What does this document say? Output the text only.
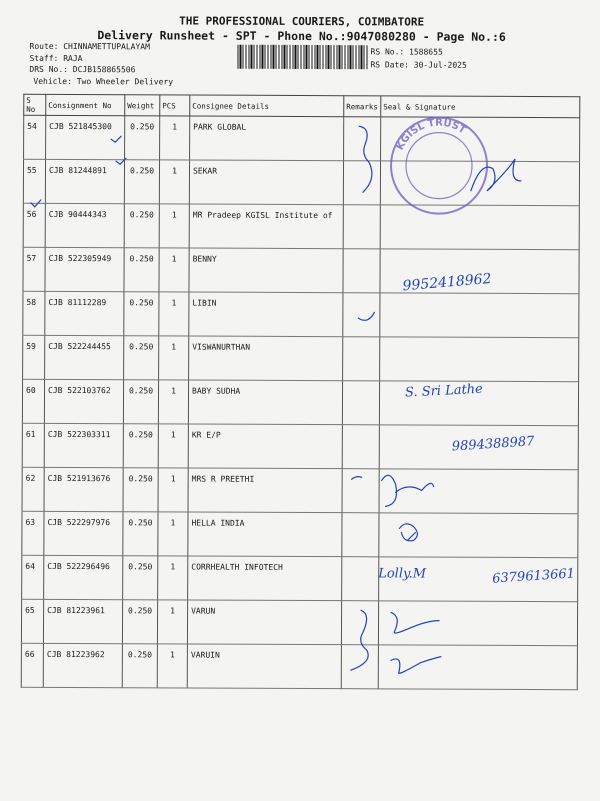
THE PROFESSIONAL COURIERS, COIMBATORE
Delivery Runsheet - SPT - Phone No.:9047080280 - Page No.:6
Route: CHINNAMETTUPALAYAM
Staff: RAJA
DRS No.: DCJB158865506
Vehicle: Two Wheeler Delivery
RS No.: 1588655
RS Date: 30-Jul-2025
S No	Consignment No	Weight	PCS	Consignee Details	Remarks	Seal & Signature
54	CJB 521845300	0.250	1	PARK GLOBAL		
55	CJB 81244891	0.250	1	SEKAR		
56	CJB 90444343	0.250	1	MR Pradeep KGISL Institute of		
57	CJB 522305949	0.250	1	BENNY		
58	CJB 81112289	0.250	1	LIBIN		
59	CJB 522244455	0.250	1	VISWANURTHAN		
60	CJB 522103762	0.250	1	BABY SUDHA		
61	CJB 522303311	0.250	1	KR E/P		
62	CJB 521913676	0.250	1	MRS R PREETHI		
63	CJB 522297976	0.250	1	HELLA INDIA		
64	CJB 522296496	0.250	1	CORRHEALTH INFOTECH		
65	CJB 81223961	0.250	1	VARUN		
66	CJB 81223962	0.250	1	VARUIN		
KGISL TRUST
9952418962
S. Sri Lathe
9894388987
Lolly.M	6379613661
